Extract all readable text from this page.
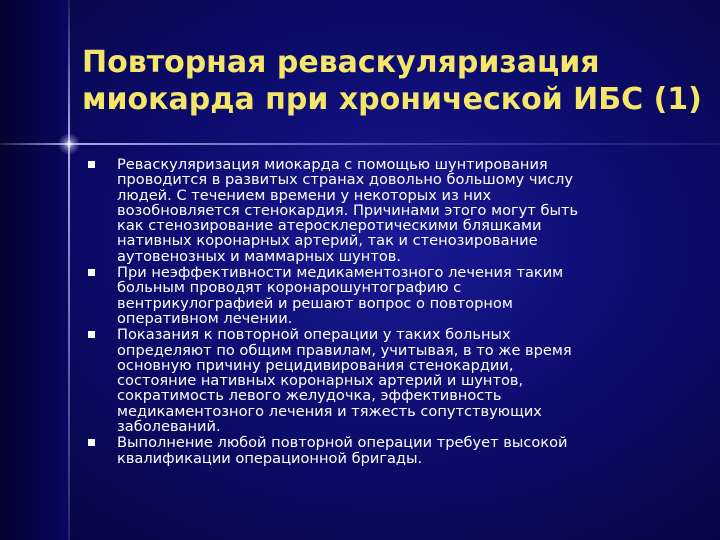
Повторная реваскуляризация
миокарда при хронической ИБС (1)
Реваскуляризация миокарда с помощью шунтирования
проводится в развитых странах довольно большому числу
людей. С течением времени у некоторых из них
возобновляется стенокардия. Причинами этого могут быть
как стенозирование атеросклеротическими бляшками
нативных коронарных артерий, так и стенозирование
аутовенозных и маммарных шунтов.
При неэффективности медикаментозного лечения таким
больным проводят коронарошунтографию с
вентрикулографией и решают вопрос о повторном
оперативном лечении.
Показания к повторной операции у таких больных
определяют по общим правилам, учитывая, в то же время
основную причину рецидивирования стенокардии,
состояние нативных коронарных артерий и шунтов,
сократимость левого желудочка, эффективность
медикаментозного лечения и тяжесть сопутствующих
заболеваний.
Выполнение любой повторной операции требует высокой
квалификации операционной бригады.
